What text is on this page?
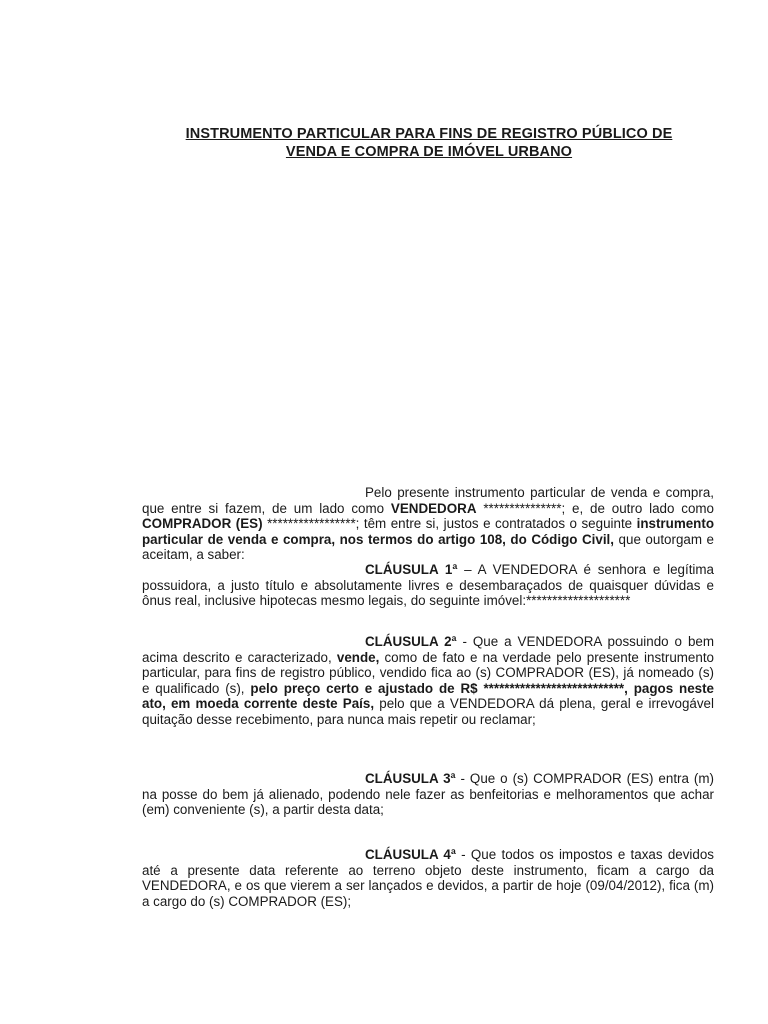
INSTRUMENTO PARTICULAR PARA FINS DE REGISTRO PÚBLICO DE
VENDA E COMPRA DE IMÓVEL URBANO

Pelo presente instrumento particular de venda e compra, que entre si fazem, de um lado como VENDEDORA ***************; e, de outro lado como COMPRADOR (ES) *****************; têm entre si, justos e contratados o seguinte instrumento particular de venda e compra, nos termos do artigo 108, do Código Civil, que outorgam e aceitam, a saber:

CLÁUSULA 1ª – A VENDEDORA é senhora e legítima possuidora, a justo título e absolutamente livres e desembaraçados de quaisquer dúvidas e ônus real, inclusive hipotecas mesmo legais, do seguinte imóvel:********************

CLÁUSULA 2ª - Que a VENDEDORA possuindo o bem acima descrito e caracterizado, vende, como de fato e na verdade pelo presente instrumento particular, para fins de registro público, vendido fica ao (s) COMPRADOR (ES), já nomeado (s) e qualificado (s), pelo preço certo e ajustado de R$ ***************************, pagos neste ato, em moeda corrente deste País, pelo que a VENDEDORA dá plena, geral e irrevogável quitação desse recebimento, para nunca mais repetir ou reclamar;

CLÁUSULA 3ª - Que o (s) COMPRADOR (ES) entra (m) na posse do bem já alienado, podendo nele fazer as benfeitorias e melhoramentos que achar (em) conveniente (s), a partir desta data;

CLÁUSULA 4ª - Que todos os impostos e taxas devidos até a presente data referente ao terreno objeto deste instrumento, ficam a cargo da VENDEDORA, e os que vierem a ser lançados e devidos, a partir de hoje (09/04/2012), fica (m) a cargo do (s) COMPRADOR (ES);
